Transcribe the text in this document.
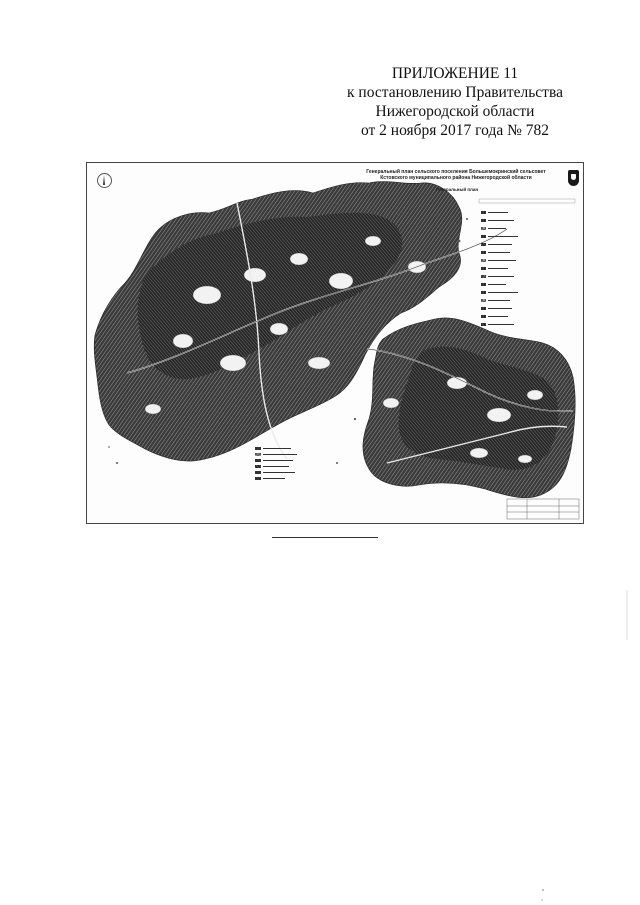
ПРИЛОЖЕНИЕ 11
к постановлению Правительства
Нижегородской области
от 2 ноября 2017 года № 782
Генеральный план сельского поселения Большемокринский сельсовет
Кстовского муниципального района Нижегородской области
Генеральный план
